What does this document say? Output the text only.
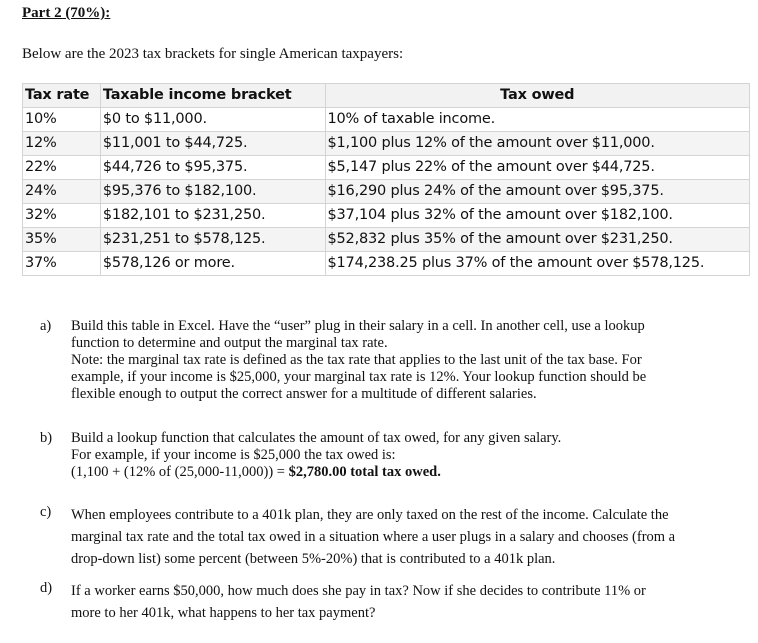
Part 2 (70%):
Below are the 2023 tax brackets for single American taxpayers:
Tax rate	Taxable income bracket	Tax owed
10%	$0 to $11,000.	10% of taxable income.
12%	$11,001 to $44,725.	$1,100 plus 12% of the amount over $11,000.
22%	$44,726 to $95,375.	$5,147 plus 22% of the amount over $44,725.
24%	$95,376 to $182,100.	$16,290 plus 24% of the amount over $95,375.
32%	$182,101 to $231,250.	$37,104 plus 32% of the amount over $182,100.
35%	$231,251 to $578,125.	$52,832 plus 35% of the amount over $231,250.
37%	$578,126 or more.	$174,238.25 plus 37% of the amount over $578,125.
a) Build this table in Excel. Have the “user” plug in their salary in a cell. In another cell, use a lookup
function to determine and output the marginal tax rate.
Note: the marginal tax rate is defined as the tax rate that applies to the last unit of the tax base. For
example, if your income is $25,000, your marginal tax rate is 12%. Your lookup function should be
flexible enough to output the correct answer for a multitude of different salaries.
b) Build a lookup function that calculates the amount of tax owed, for any given salary.
For example, if your income is $25,000 the tax owed is:
(1,100 + (12% of (25,000-11,000)) = $2,780.00 total tax owed.
c) When employees contribute to a 401k plan, they are only taxed on the rest of the income. Calculate the
marginal tax rate and the total tax owed in a situation where a user plugs in a salary and chooses (from a
drop-down list) some percent (between 5%-20%) that is contributed to a 401k plan.
d) If a worker earns $50,000, how much does she pay in tax? Now if she decides to contribute 11% or
more to her 401k, what happens to her tax payment?
